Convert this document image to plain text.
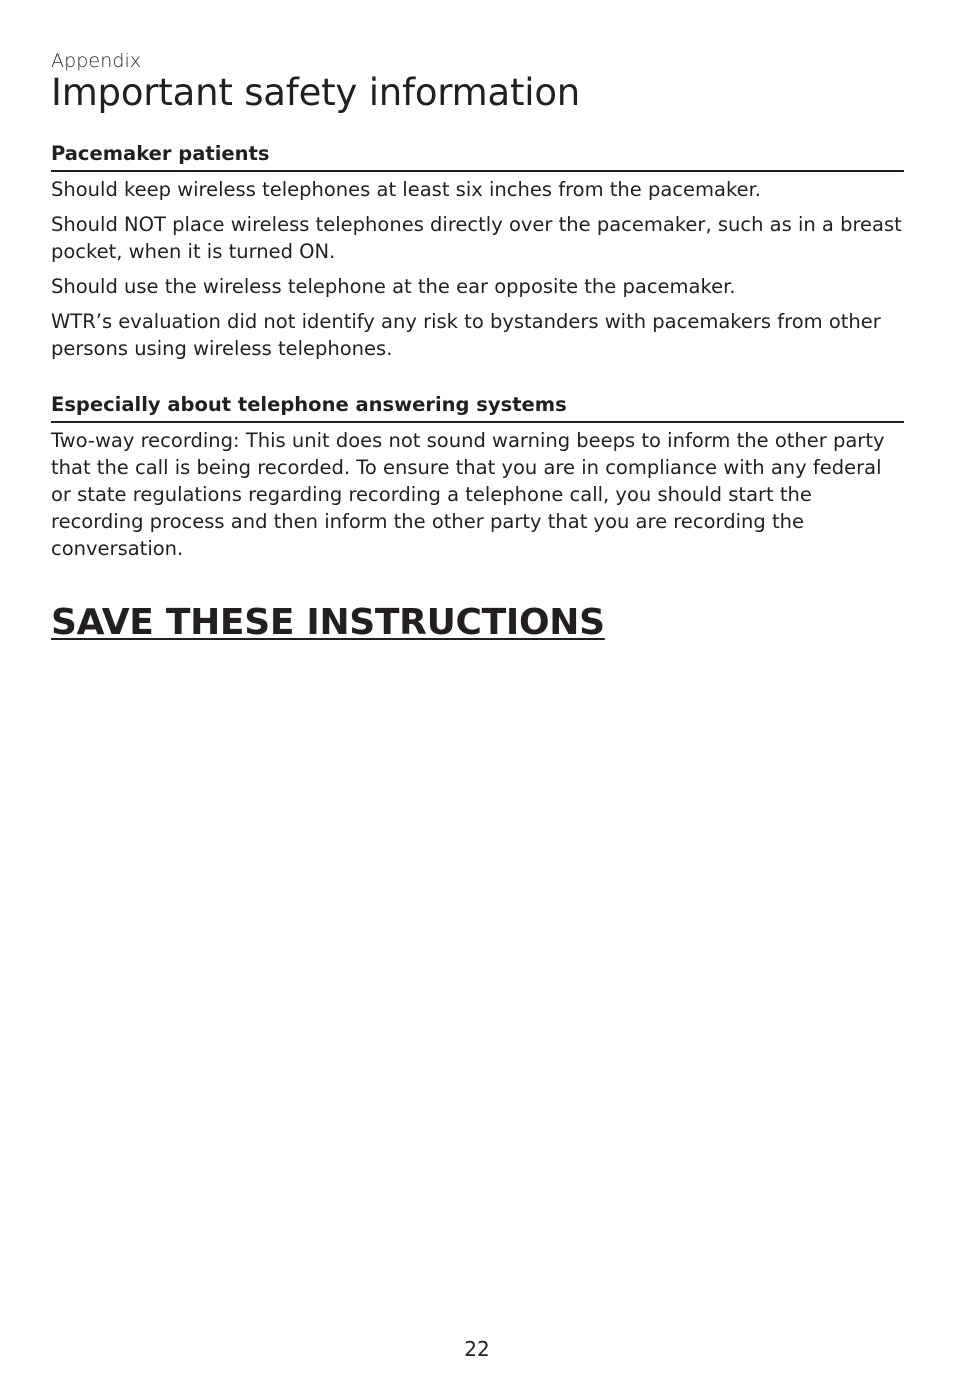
Appendix
Important safety information
Pacemaker patients

Should keep wireless telephones at least six inches from the pacemaker.

Should NOT place wireless telephones directly over the pacemaker, such as in a breast pocket, when it is turned ON.

Should use the wireless telephone at the ear opposite the pacemaker.

WTR’s evaluation did not identify any risk to bystanders with pacemakers from other persons using wireless telephones.

Especially about telephone answering systems

Two-way recording: This unit does not sound warning beeps to inform the other party that the call is being recorded. To ensure that you are in compliance with any federal or state regulations regarding recording a telephone call, you should start the recording process and then inform the other party that you are recording the conversation.

SAVE THESE INSTRUCTIONS
22
